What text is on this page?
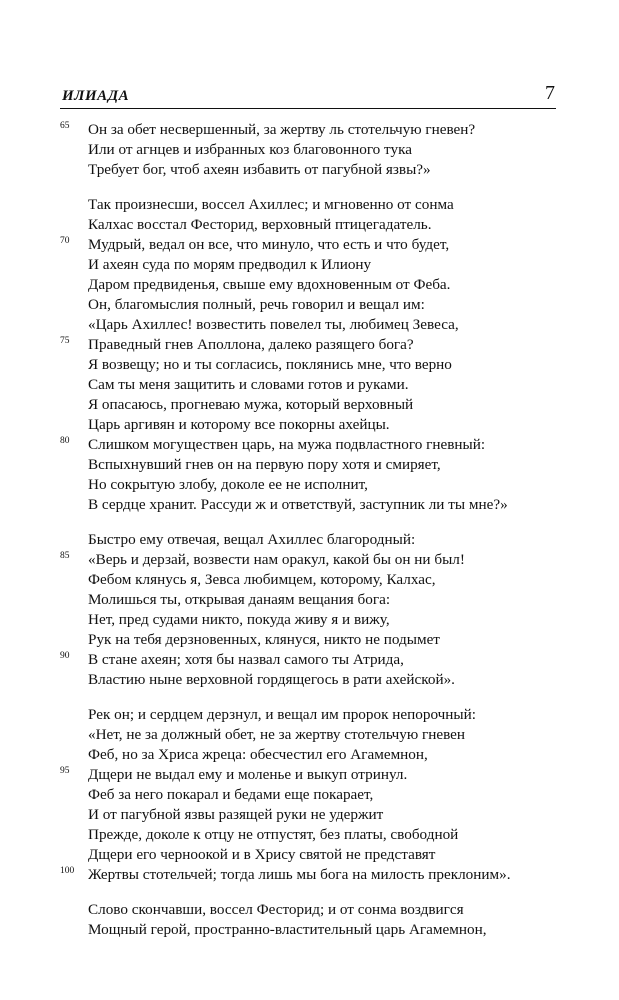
ИЛИАДА	7
65 Он за обет несвершенный, за жертву ль стотельчую гневен?
Или от агнцев и избранных коз благовонного тука
Требует бог, чтоб ахеян избавить от пагубной язвы?»
Так произнесши, воссел Ахиллес; и мгновенно от сонма
Калхас восстал Фесторид, верховный птицегадатель.
70 Мудрый, ведал он все, что минуло, что есть и что будет,
И ахеян суда по морям предводил к Илиону
Даром предвиденья, свыше ему вдохновенным от Феба.
Он, благомыслия полный, речь говорил и вещал им:
«Царь Ахиллес! возвестить повелел ты, любимец Зевеса,
75 Праведный гнев Аполлона, далеко разящего бога?
Я возвещу; но и ты согласись, поклянись мне, что верно
Сам ты меня защитить и словами готов и руками.
Я опасаюсь, прогневаю мужа, который верховный
Царь аргивян и которому все покорны ахейцы.
80 Слишком могуществен царь, на мужа подвластного гневный:
Вспыхнувший гнев он на первую пору хотя и смиряет,
Но сокрытую злобу, доколе ее не исполнит,
В сердце хранит. Рассуди ж и ответствуй, заступник ли ты мне?»
Быстро ему отвечая, вещал Ахиллес благородный:
85 «Верь и дерзай, возвести нам оракул, какой бы он ни был!
Фебом клянусь я, Зевса любимцем, которому, Калхас,
Молишься ты, открывая данаям вещания бога:
Нет, пред судами никто, покуда живу я и вижу,
Рук на тебя дерзновенных, клянуся, никто не подымет
90 В стане ахеян; хотя бы назвал самого ты Атрида,
Властию ныне верховной гордящегось в рати ахейской».
Рек он; и сердцем дерзнул, и вещал им пророк непорочный:
«Нет, не за должный обет, не за жертву стотельчую гневен
Феб, но за Хриса жреца: обесчестил его Агамемнон,
95 Дщери не выдал ему и моленье и выкуп отринул.
Феб за него покарал и бедами еще покарает,
И от пагубной язвы разящей руки не удержит
Прежде, доколе к отцу не отпустят, без платы, свободной
Дщери его черноокой и в Хрису святой не представят
100 Жертвы стотельчей; тогда лишь мы бога на милость преклоним».
Слово скончавши, воссел Фесторид; и от сонма воздвигся
Мощный герой, пространно-властительный царь Агамемнон,
